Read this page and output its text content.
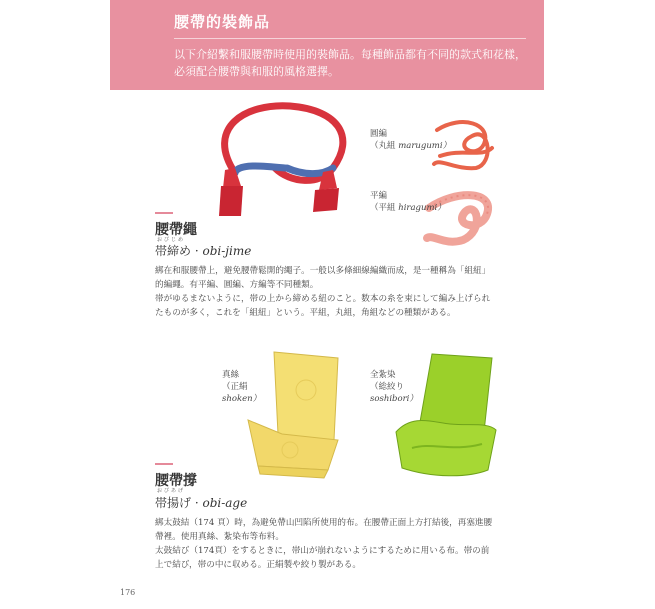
腰帶的裝飾品
以下介紹繫和服腰帶時使用的裝飾品。每種飾品都有不同的款式和花樣，必須配合腰帶與和服的風格選擇。
圓編
（丸組 marugumi）
平編
（平組 hiragumi）
腰帶繩
おびじめ
帯締め · obi-jime
綁在和服腰帶上，避免腰帶鬆開的繩子。一般以多條細線編織而成，是一種稱為「組紐」的編繩。有平編、圓編、方編等不同種類。
帯がゆるまないように，帯の上から締める紐のこと。数本の糸を束にして編み上げられたものが多く，これを「組紐」という。平組，丸組，角組などの種類がある。
真絲
（正絹
shoken）
全紮染
（総絞り
soshibori）
腰帶撐
おびあげ
帯揚げ · obi-age
綁太鼓結（174 頁）時，為避免帶山凹陷所使用的布。在腰帶正面上方打結後，再塞進腰帶裡。使用真絲、紮染布等布料。
太鼓結び（174頁）をするときに，帯山が崩れないようにするために用いる布。帯の前上で結び，帯の中に収める。正絹製や絞り製がある。
176
